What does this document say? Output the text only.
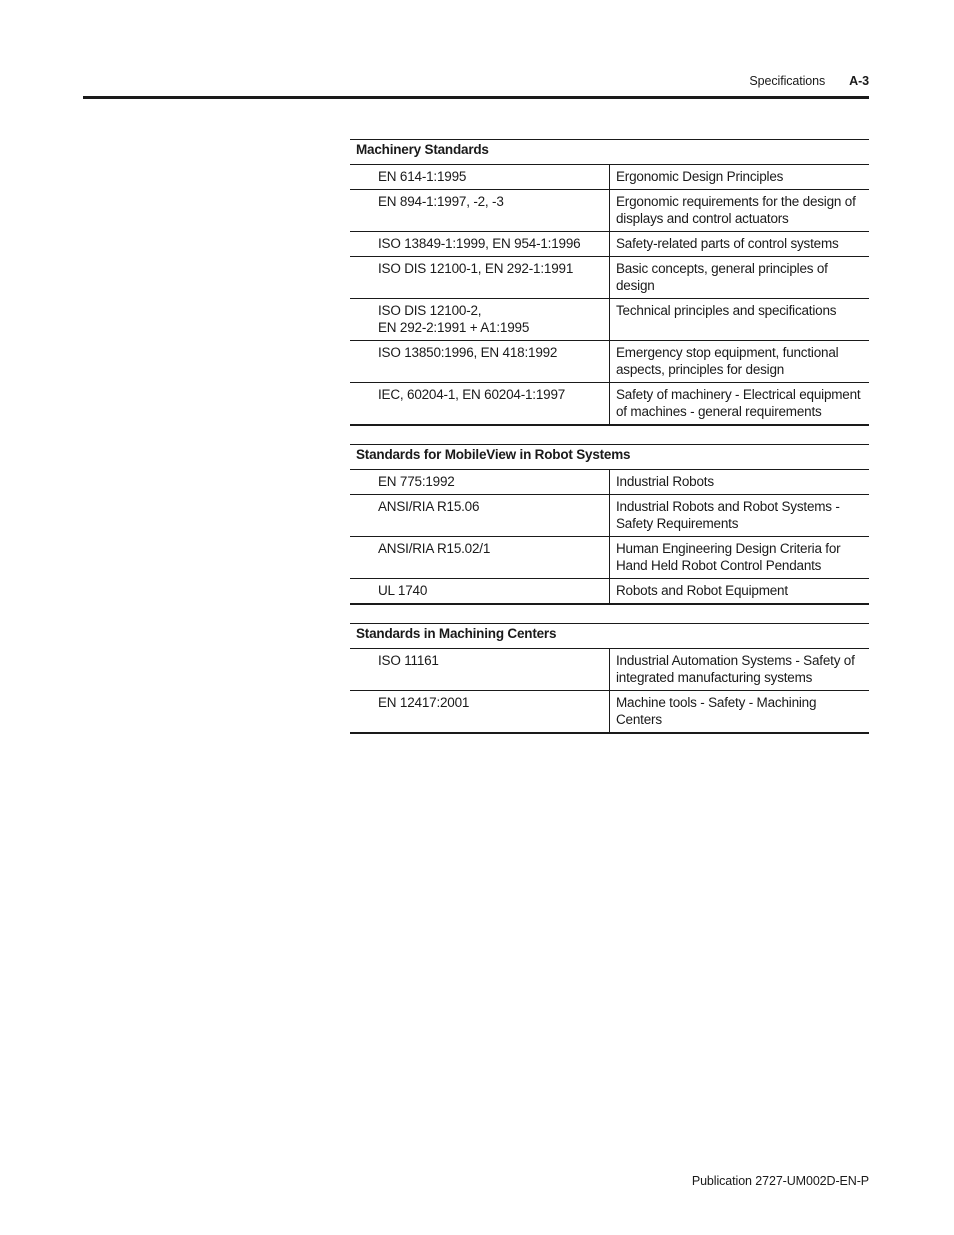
Specifications A-3
Machinery Standards	

EN 614-1:1995	Ergonomic Design Principles

EN 894-1:1997, -2, -3	Ergonomic requirements for the design of
displays and control actuators

ISO 13849-1:1999, EN 954-1:1996	Safety-related parts of control systems

ISO DIS 12100-1, EN 292-1:1991	Basic concepts, general principles of design

ISO DIS 12100-2,
EN 292-2:1991 + A1:1995	Technical principles and specifications

ISO 13850:1996, EN 418:1992	Emergency stop equipment, functional
aspects, principles for design

IEC, 60204-1, EN 60204-1:1997	Safety of machinery - Electrical equipment
of machines - general requirements
Standards for MobileView in Robot Systems	

EN 775:1992	Industrial Robots

ANSI/RIA R15.06	Industrial Robots and Robot Systems -
Safety Requirements

ANSI/RIA R15.02/1	Human Engineering Design Criteria for
Hand Held Robot Control Pendants

UL 1740	Robots and Robot Equipment
Standards in Machining Centers	

ISO 11161	Industrial Automation Systems - Safety of
integrated manufacturing systems

EN 12417:2001	Machine tools - Safety - Machining Centers
Publication 2727-UM002D-EN-P
